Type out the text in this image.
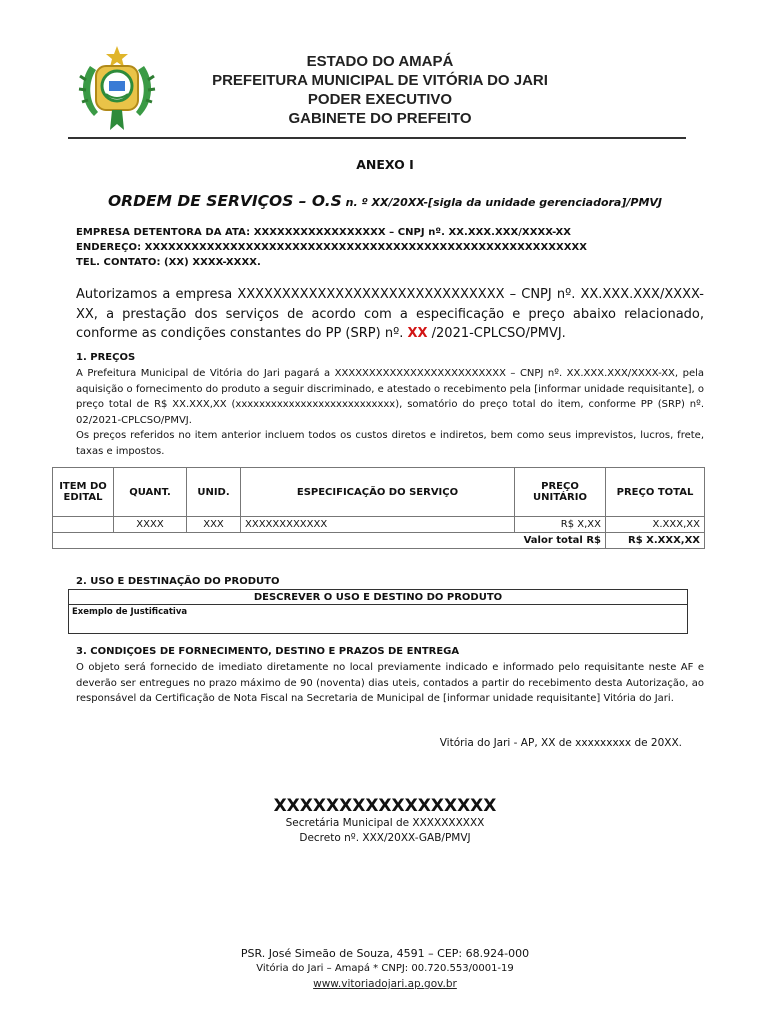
ESTADO DO AMAPÁ
PREFEITURA MUNICIPAL DE VITÓRIA DO JARI
PODER EXECUTIVO
GABINETE DO PREFEITO
ANEXO I
ORDEM DE SERVIÇOS – O.S n. º XX/20XX-[sigla da unidade gerenciadora]/PMVJ
EMPRESA DETENTORA DA ATA: XXXXXXXXXXXXXXXXX – CNPJ nº. XX.XXX.XXX/XXXX-XX
ENDEREÇO: XXXXXXXXXXXXXXXXXXXXXXXXXXXXXXXXXXXXXXXXXXXXXXXXXXXXXXXXX
TEL. CONTATO: (XX) XXXX-XXXX.
Autorizamos a empresa XXXXXXXXXXXXXXXXXXXXXXXXXXXXXX – CNPJ nº. XX.XXX.XXX/XXXX-XX, a prestação dos serviços de acordo com a especificação e preço abaixo relacionado, conforme as condições constantes do PP (SRP) nº. XX /2021-CPLCSO/PMVJ.
1. PREÇOS
A Prefeitura Municipal de Vitória do Jari pagará a XXXXXXXXXXXXXXXXXXXXXXXXX – CNPJ nº. XX.XXX.XXX/XXXX-XX, pela aquisição o fornecimento do produto a seguir discriminado, e atestado o recebimento pela [informar unidade requisitante], o preço total de R$ XX.XXX,XX (xxxxxxxxxxxxxxxxxxxxxxxxxxx), somatório do preço total do item, conforme PP (SRP) nº. 02/2021-CPLCSO/PMVJ.
Os preços referidos no item anterior incluem todos os custos diretos e indiretos, bem como seus imprevistos, lucros, frete, taxas e impostos.
ITEM DO EDITAL	QUANT.	UNID.	ESPECIFICAÇÃO DO SERVIÇO	PREÇO UNITÁRIO	PREÇO TOTAL
	XXXX	XXX	XXXXXXXXXXXX	R$ X,XX	X.XXX,XX
Valor total R$					R$ X.XXX,XX
2. USO E DESTINAÇÃO DO PRODUTO
DESCREVER O USO E DESTINO DO PRODUTO
Exemplo de Justificativa
3. CONDIÇOES DE FORNECIMENTO, DESTINO E PRAZOS DE ENTREGA
O objeto será fornecido de imediato diretamente no local previamente indicado e informado pelo requisitante neste AF e deverão ser entregues no prazo máximo de 90 (noventa) dias uteis, contados a partir do recebimento desta Autorização, ao responsável da Certificação de Nota Fiscal na Secretaria de Municipal de [informar unidade requisitante] Vitória do Jari.
Vitória do Jari - AP, XX de xxxxxxxxx de 20XX.
XXXXXXXXXXXXXXXXX
Secretária Municipal de XXXXXXXXXX
Decreto nº. XXX/20XX-GAB/PMVJ
PSR. José Simeão de Souza, 4591 – CEP: 68.924-000
Vitória do Jari – Amapá * CNPJ: 00.720.553/0001-19
www.vitoriadojari.ap.gov.br
